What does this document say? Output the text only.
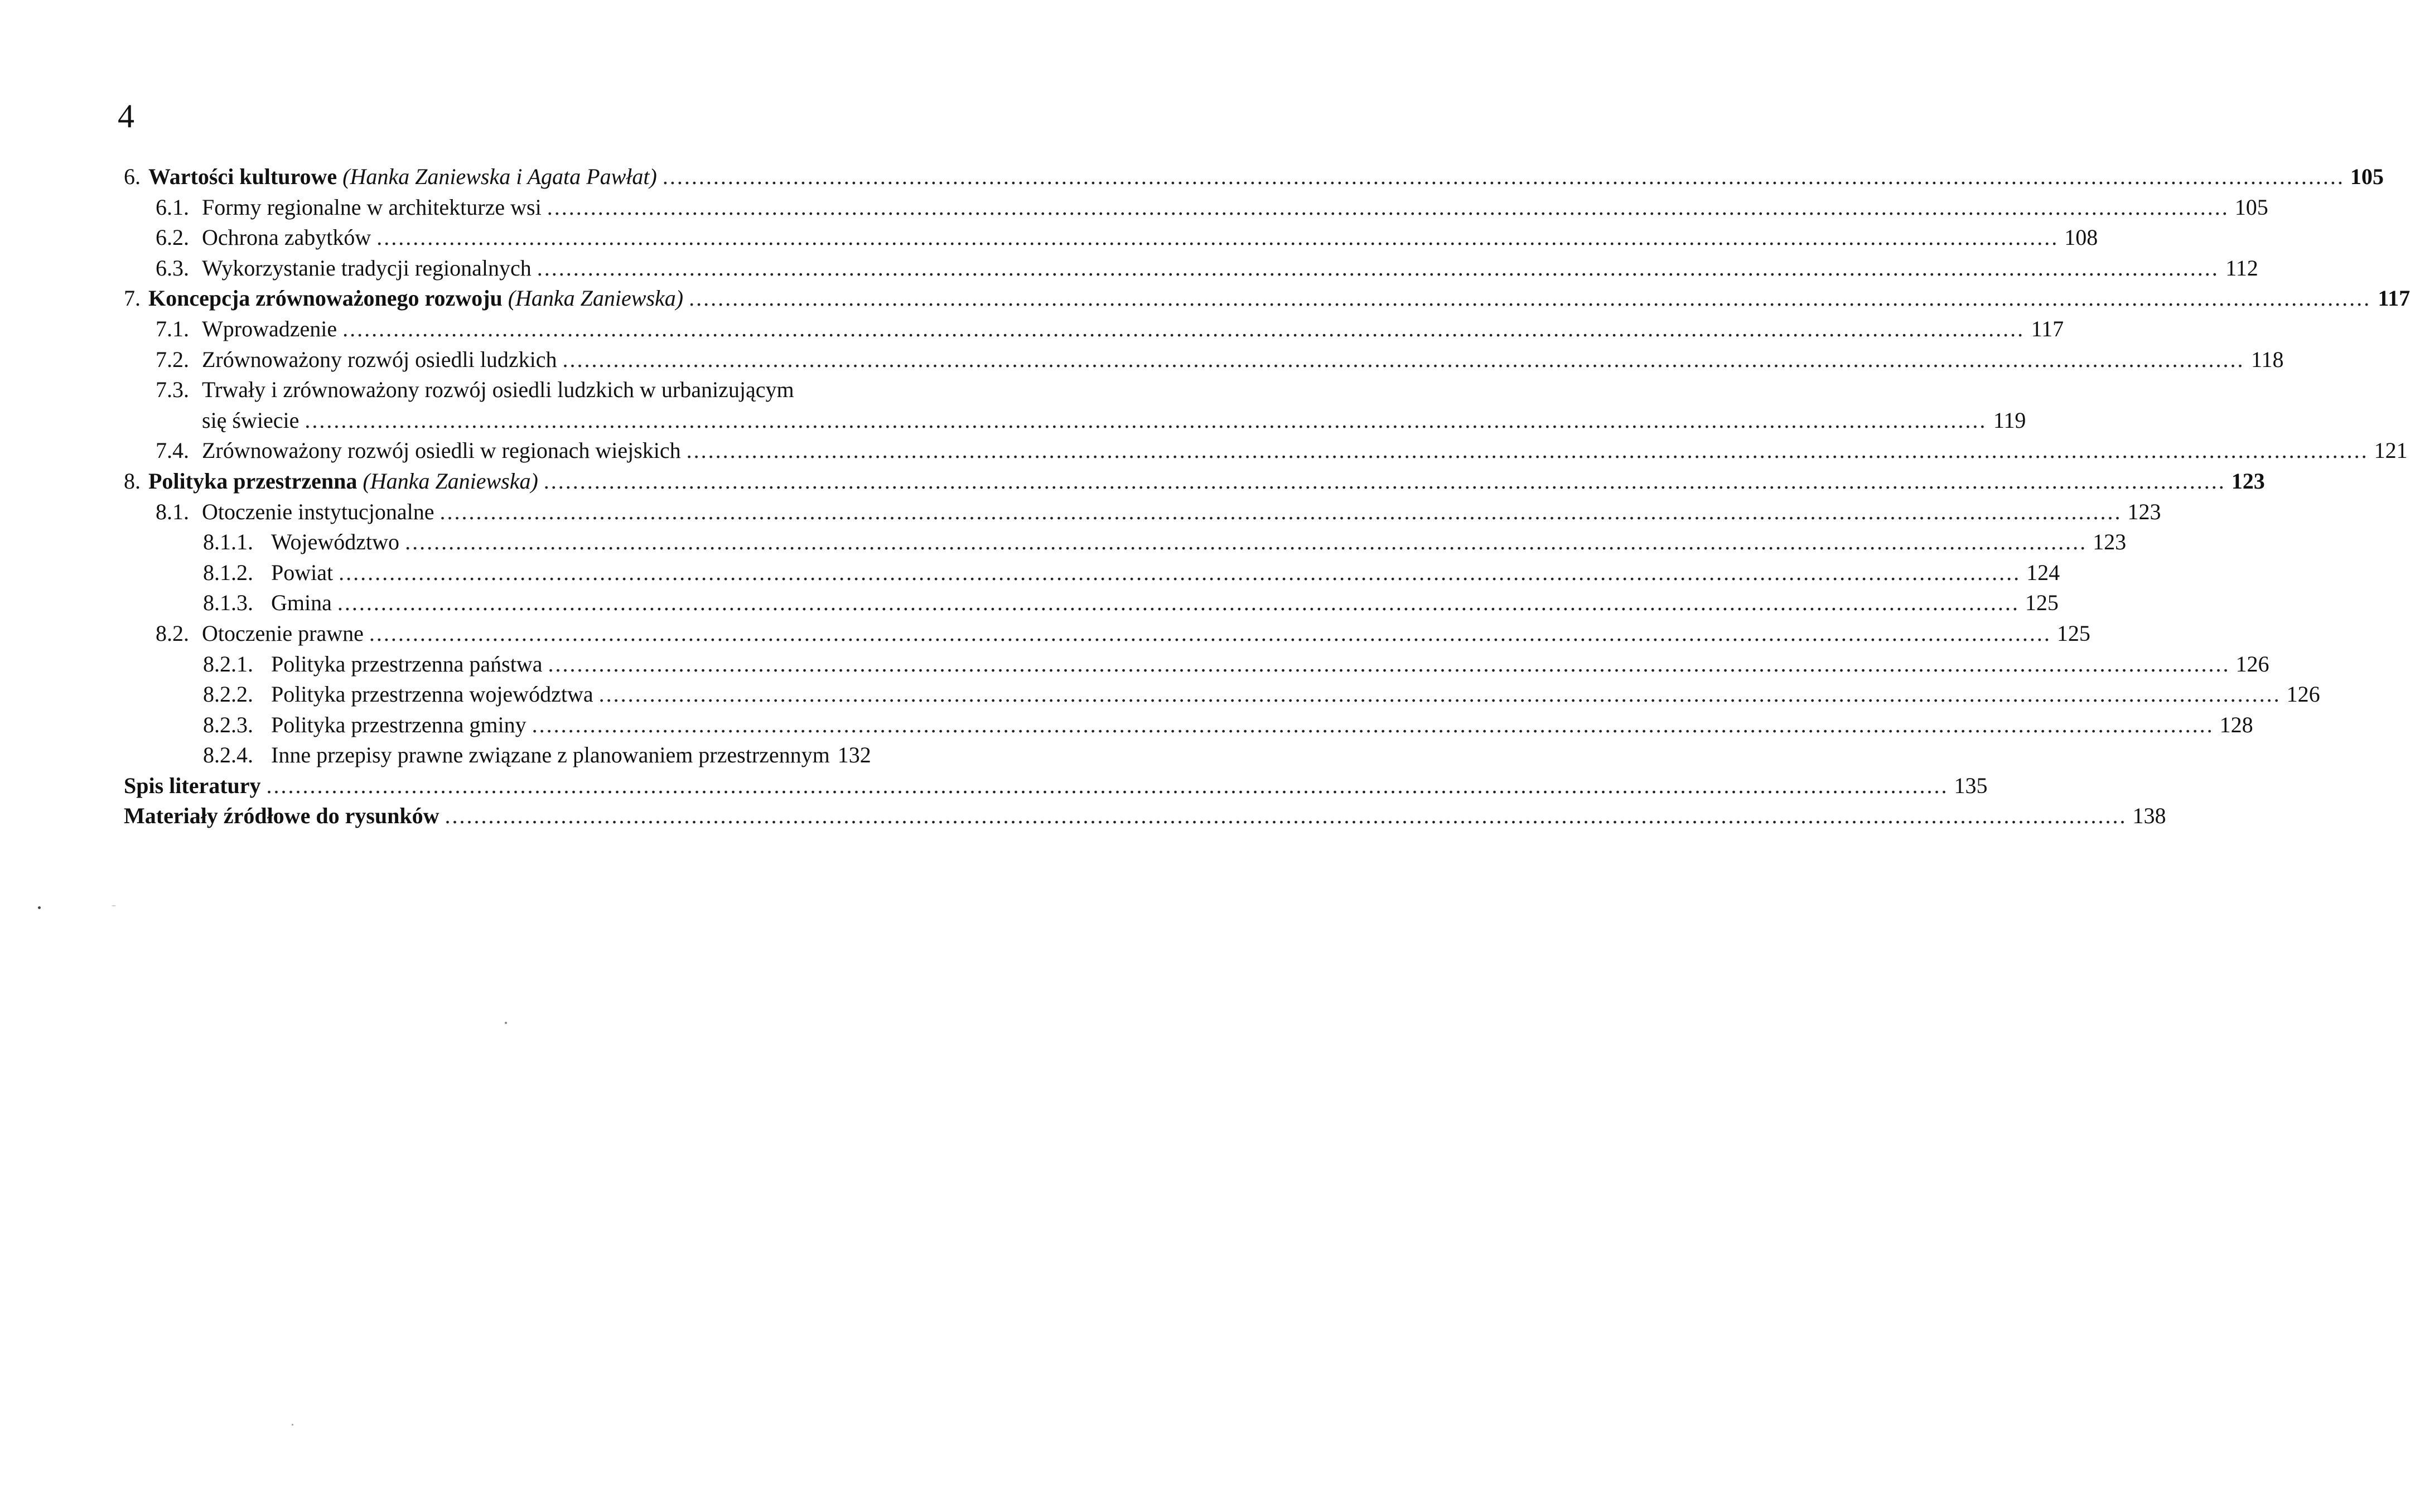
4
6. Wartości kulturowe (Hanka Zaniewska i Agata Pawłat) .....	105
6.1. Formy regionalne w architekturze wsi .....	105
6.2. Ochrona zabytków .....	108
6.3. Wykorzystanie tradycji regionalnych .....	112
7. Koncepcja zrównoważonego rozwoju (Hanka Zaniewska) .....	117
7.1. Wprowadzenie .....	117
7.2. Zrównoważony rozwój osiedli ludzkich .....	118
7.3. Trwały i zrównoważony rozwój osiedli ludzkich w urbanizującym
się świecie .....	119
7.4. Zrównoważony rozwój osiedli w regionach wiejskich .....	121
8. Polityka przestrzenna (Hanka Zaniewska) .....	123
8.1. Otoczenie instytucjonalne .....	123
8.1.1. Województwo .....	123
8.1.2. Powiat .....	124
8.1.3. Gmina .....	125
8.2. Otoczenie prawne .....	125
8.2.1. Polityka przestrzenna państwa .....	126
8.2.2. Polityka przestrzenna województwa .....	126
8.2.3. Polityka przestrzenna gminy .....	128
8.2.4. Inne przepisy prawne związane z planowaniem przestrzennym 132
Spis literatury .....	135
Materiały źródłowe do rysunków .....	138
